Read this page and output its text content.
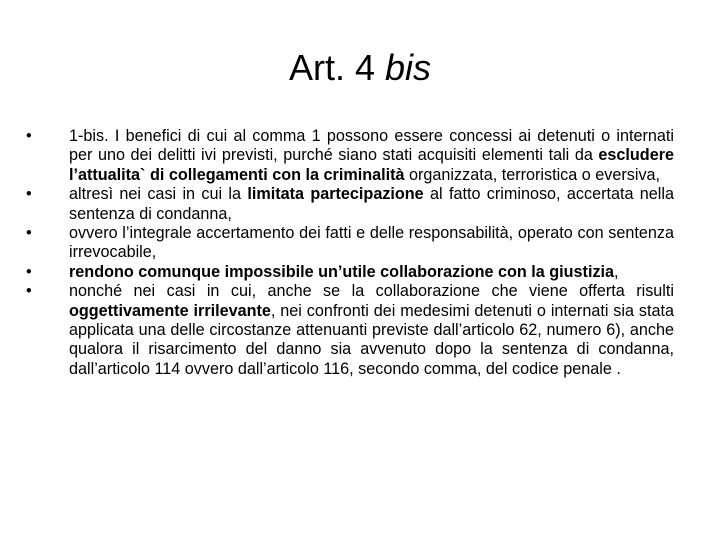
Art. 4 bis
•	1-bis. I benefici di cui al comma 1 possono essere concessi ai detenuti o internati per uno dei delitti ivi previsti, purché siano stati acquisiti elementi tali da escludere l’attualita` di collegamenti con la criminalità organizzata, terroristica o eversiva,
•	altresì nei casi in cui la limitata partecipazione al fatto criminoso, accertata nella sentenza di condanna,
•	ovvero l’integrale accertamento dei fatti e delle responsabilità, operato con sentenza irrevocabile,
•	rendono comunque impossibile un’utile collaborazione con la giustizia,
•	nonché nei casi in cui, anche se la collaborazione che viene offerta risulti oggettivamente irrilevante, nei confronti dei medesimi detenuti o internati sia stata applicata una delle circostanze attenuanti previste dall’articolo 62, numero 6), anche qualora il risarcimento del danno sia avvenuto dopo la sentenza di condanna, dall’articolo 114 ovvero dall’articolo 116, secondo comma, del codice penale .
